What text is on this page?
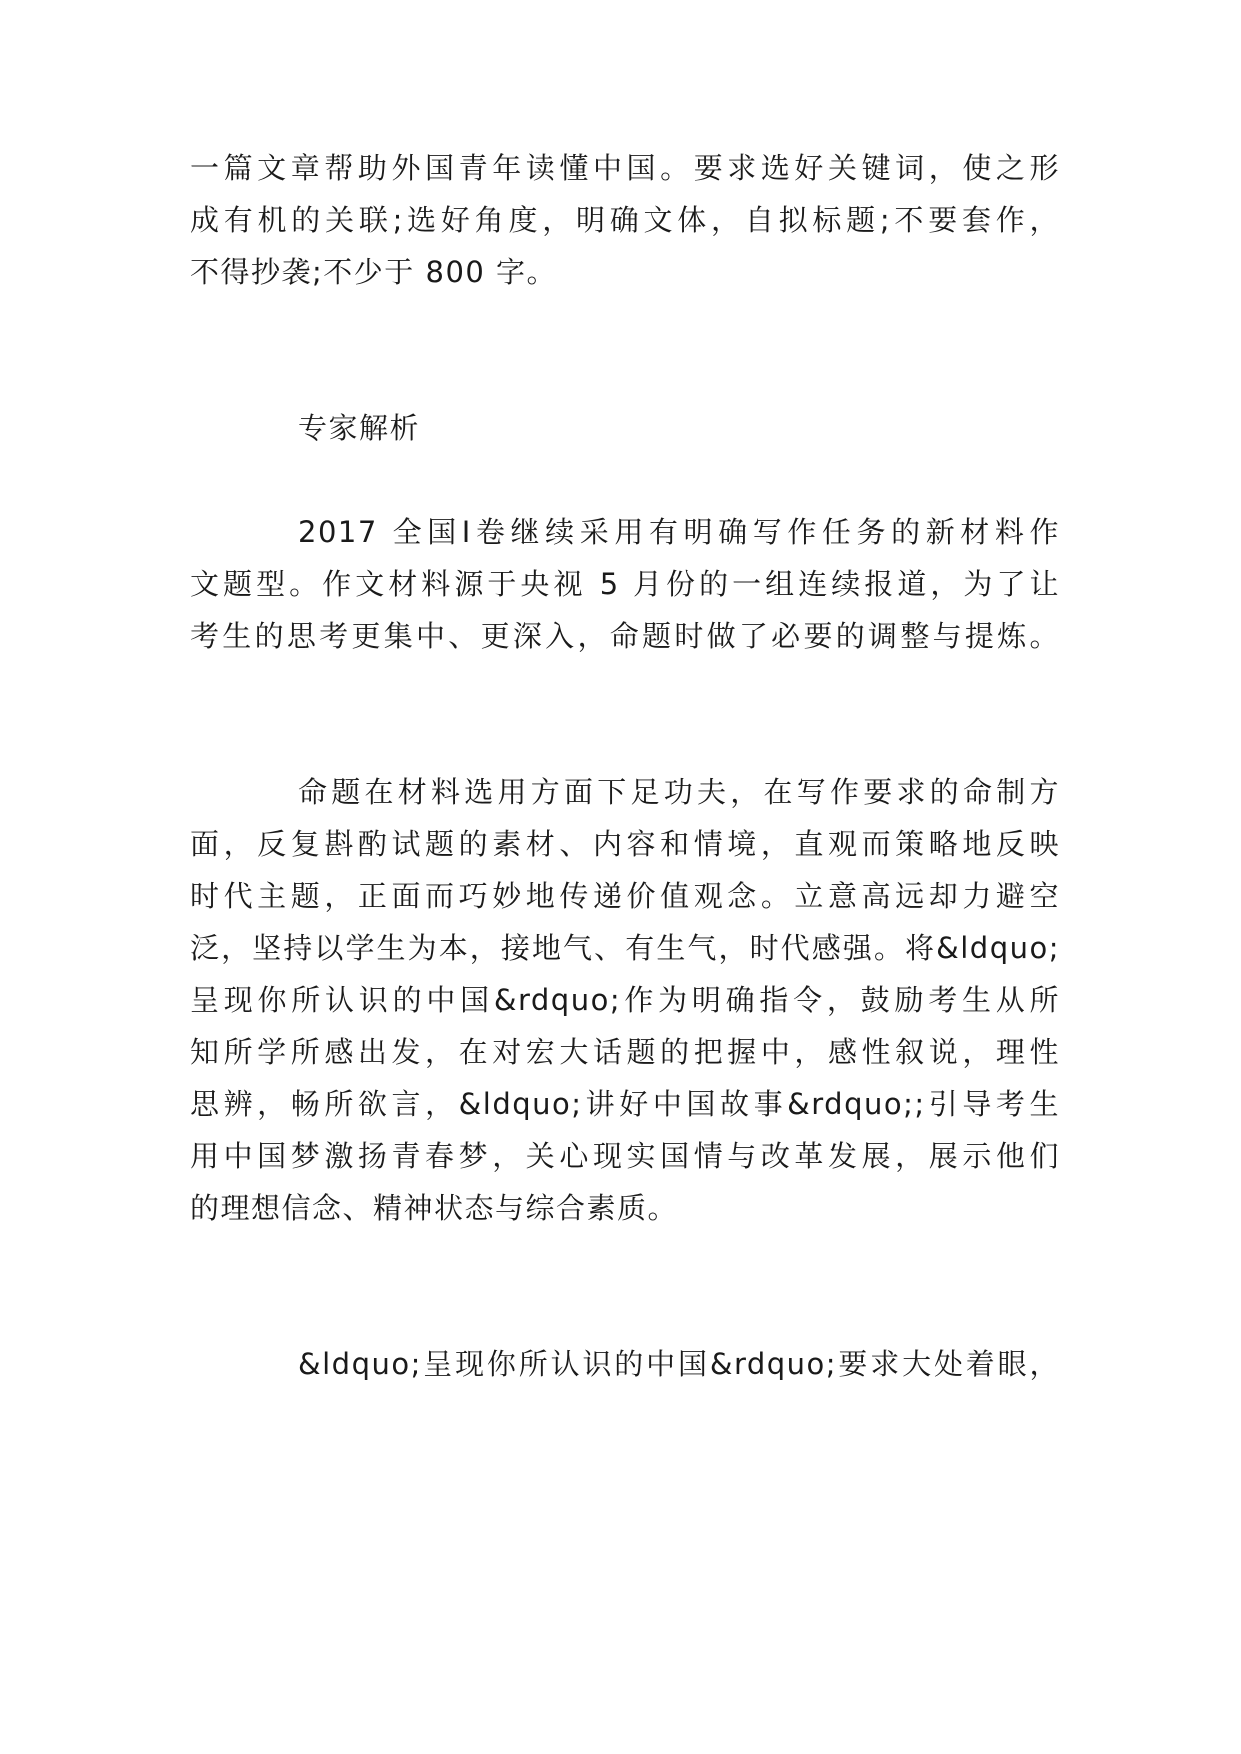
一篇文章帮助外国青年读懂中国。要求选好关键词，使之形
成有机的关联;选好角度，明确文体，自拟标题;不要套作，
不得抄袭;不少于 800 字。
专家解析
2017 全国Ⅰ卷继续采用有明确写作任务的新材料作
文题型。作文材料源于央视 5 月份的一组连续报道，为了让
考生的思考更集中、更深入，命题时做了必要的调整与提炼。
命题在材料选用方面下足功夫，在写作要求的命制方
面，反复斟酌试题的素材、内容和情境，直观而策略地反映
时代主题，正面而巧妙地传递价值观念。立意高远却力避空
泛，坚持以学生为本，接地气、有生气，时代感强。将&ldquo;
呈现你所认识的中国&rdquo;作为明确指令，鼓励考生从所
知所学所感出发，在对宏大话题的把握中，感性叙说，理性
思辨，畅所欲言，&ldquo;讲好中国故事&rdquo;;引导考生
用中国梦激扬青春梦，关心现实国情与改革发展，展示他们
的理想信念、精神状态与综合素质。
&ldquo;呈现你所认识的中国&rdquo;要求大处着眼，
